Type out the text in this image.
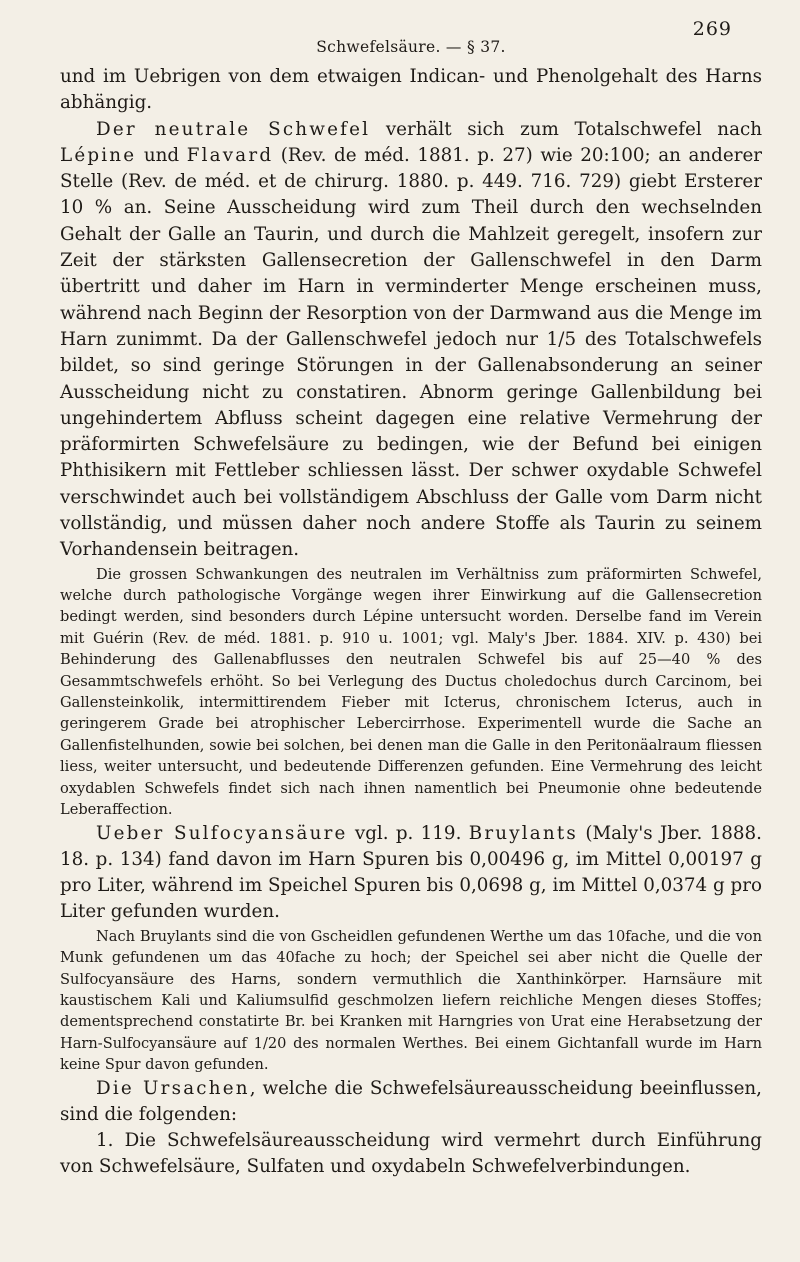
Schwefelsäure. — § 37.
269

und im Uebrigen von dem etwaigen Indican- und Phenolgehalt des Harns abhängig.

Der neutrale Schwefel verhält sich zum Totalschwefel nach Lépine und Flavard (Rev. de méd. 1881. p. 27) wie 20:100; an anderer Stelle (Rev. de méd. et de chirurg. 1880. p. 449. 716. 729) giebt Ersterer 10 % an. Seine Ausscheidung wird zum Theil durch den wechselnden Gehalt der Galle an Taurin, und durch die Mahlzeit geregelt, insofern zur Zeit der stärksten Gallensecretion der Gallenschwefel in den Darm übertritt und daher im Harn in verminderter Menge erscheinen muss, während nach Beginn der Resorption von der Darmwand aus die Menge im Harn zunimmt. Da der Gallenschwefel jedoch nur 1/5 des Totalschwefels bildet, so sind geringe Störungen in der Gallenabsonderung an seiner Ausscheidung nicht zu constatiren. Abnorm geringe Gallenbildung bei ungehindertem Abfluss scheint dagegen eine relative Vermehrung der präformirten Schwefelsäure zu bedingen, wie der Befund bei einigen Phthisikern mit Fettleber schliessen lässt. Der schwer oxydable Schwefel verschwindet auch bei vollständigem Abschluss der Galle vom Darm nicht vollständig, und müssen daher noch andere Stoffe als Taurin zu seinem Vorhandensein beitragen.

Die grossen Schwankungen des neutralen im Verhältniss zum präformirten Schwefel, welche durch pathologische Vorgänge wegen ihrer Einwirkung auf die Gallensecretion bedingt werden, sind besonders durch Lépine untersucht worden. Derselbe fand im Verein mit Guérin (Rev. de méd. 1881. p. 910 u. 1001; vgl. Maly's Jber. 1884. XIV. p. 430) bei Behinderung des Gallenabflusses den neutralen Schwefel bis auf 25—40 % des Gesammtschwefels erhöht. So bei Verlegung des Ductus choledochus durch Carcinom, bei Gallensteinkolik, intermittirendem Fieber mit Icterus, chronischem Icterus, auch in geringerem Grade bei atrophischer Lebercirrhose. Experimentell wurde die Sache an Gallenfistelhunden, sowie bei solchen, bei denen man die Galle in den Peritonäalraum fliessen liess, weiter untersucht, und bedeutende Differenzen gefunden. Eine Vermehrung des leicht oxydablen Schwefels findet sich nach ihnen namentlich bei Pneumonie ohne bedeutende Leberaffection.

Ueber Sulfocyansäure vgl. p. 119. Bruylants (Maly's Jber. 1888. 18. p. 134) fand davon im Harn Spuren bis 0,00496 g, im Mittel 0,00197 g pro Liter, während im Speichel Spuren bis 0,0698 g, im Mittel 0,0374 g pro Liter gefunden wurden.

Nach Bruylants sind die von Gscheidlen gefundenen Werthe um das 10fache, und die von Munk gefundenen um das 40fache zu hoch; der Speichel sei aber nicht die Quelle der Sulfocyansäure des Harns, sondern vermuthlich die Xanthinkörper. Harnsäure mit kaustischem Kali und Kaliumsulfid geschmolzen liefern reichliche Mengen dieses Stoffes; dementsprechend constatirte Br. bei Kranken mit Harngries von Urat eine Herabsetzung der Harn-Sulfocyansäure auf 1/20 des normalen Werthes. Bei einem Gichtanfall wurde im Harn keine Spur davon gefunden.

Die Ursachen, welche die Schwefelsäureausscheidung beeinflussen, sind die folgenden:

1. Die Schwefelsäureausscheidung wird vermehrt durch Einführung von Schwefelsäure, Sulfaten und oxydabeln Schwefelverbindungen.
